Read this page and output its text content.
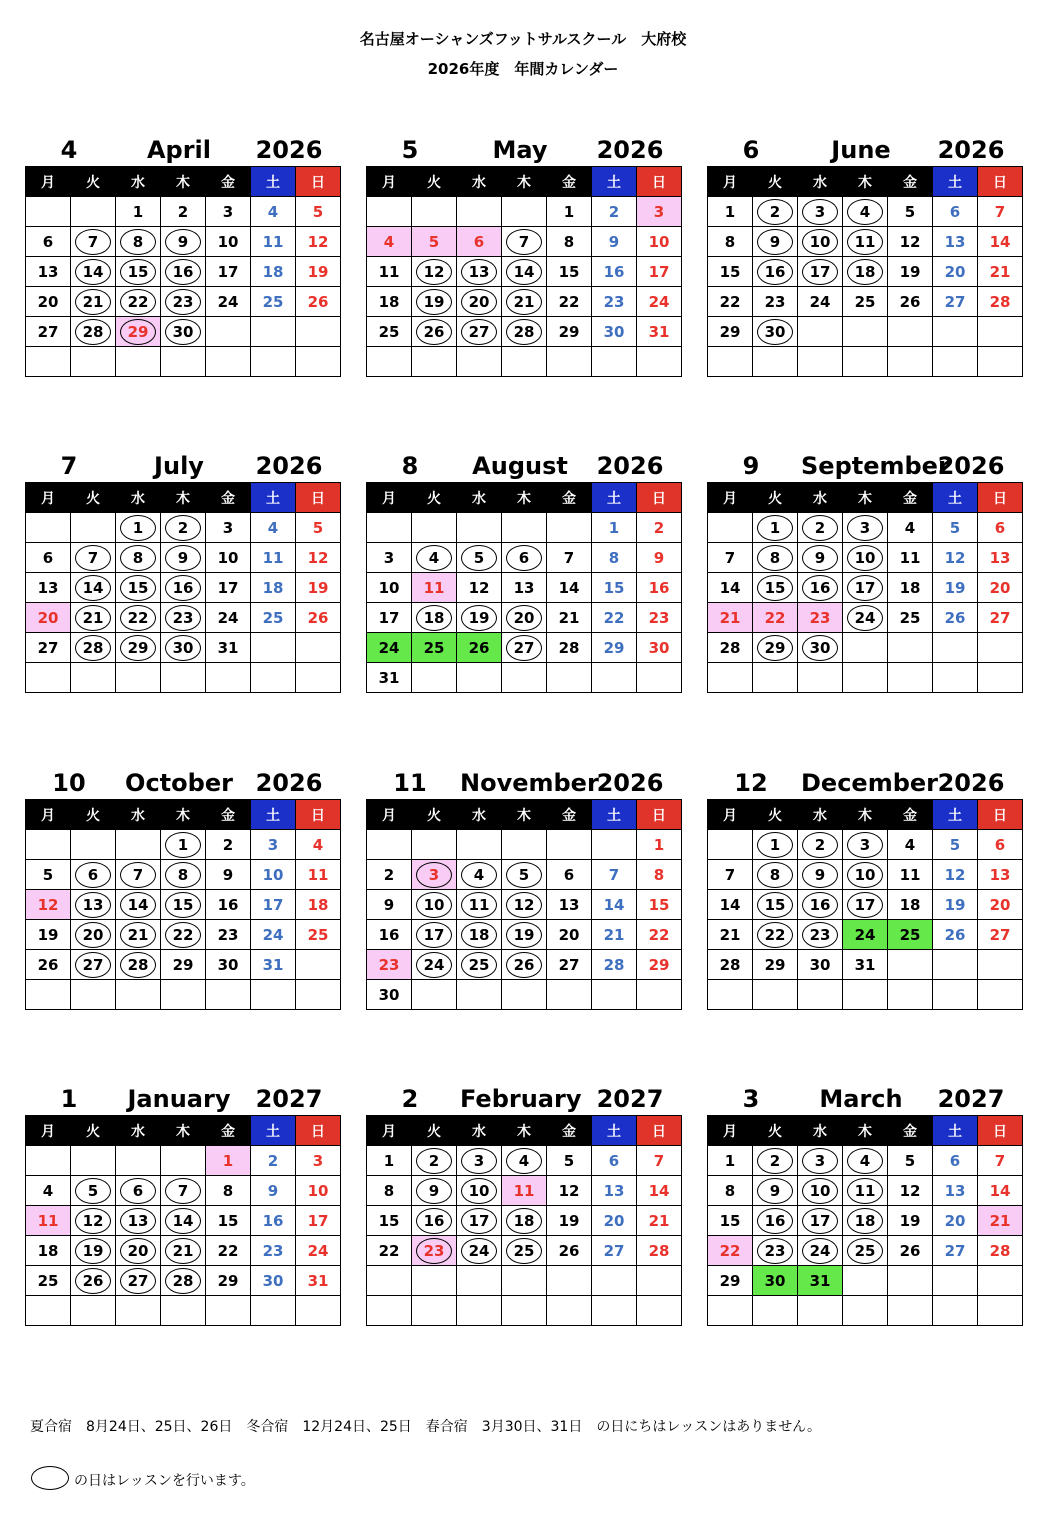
名古屋オーシャンズフットサルスクール　大府校
2026年度　年間カレンダー
4	April	2026
月	火	水	木	金	土	日
		1	2	3	4	5
6	7	8	9	10	11	12
13	14	15	16	17	18	19
20	21	22	23	24	25	26
27	28	29	30			

5	May	2026
月	火	水	木	金	土	日
				1	2	3
4	5	6	7	8	9	10
11	12	13	14	15	16	17
18	19	20	21	22	23	24
25	26	27	28	29	30	31

6	June	2026
月	火	水	木	金	土	日
1	2	3	4	5	6	7
8	9	10	11	12	13	14
15	16	17	18	19	20	21
22	23	24	25	26	27	28
29	30					

7	July	2026
月	火	水	木	金	土	日
		1	2	3	4	5
6	7	8	9	10	11	12
13	14	15	16	17	18	19
20	21	22	23	24	25	26
27	28	29	30	31		

8	August	2026
月	火	水	木	金	土	日
					1	2
3	4	5	6	7	8	9
10	11	12	13	14	15	16
17	18	19	20	21	22	23
24	25	26	27	28	29	30
31						
9	September
2026
月	火	水	木	金	土	日
	1	2	3	4	5	6
7	8	9	10	11	12	13
14	15	16	17	18	19	20
21	22	23	24	25	26	27
28	29	30				

10	October 2026
月	火	水	木	金	土	日
			1	2	3	4
5	6	7	8	9	10	11
12	13	14	15	16	17	18
19	20	21	22	23	24	25
26	27	28	29	30	31	

11	November
2026
月	火	水	木	金	土	日
						1
2	3	4	5	6	7	8
9	10	11	12	13	14	15
16	17	18	19	20	21	22
23	24	25	26	27	28	29
30						
12	December 2026
月	火	水	木	金	土	日
	1	2	3	4	5	6
7	8	9	10	11	12	13
14	15	16	17	18	19	20
21	22	23	24	25	26	27
28	29	30	31			

1	January	2027
月	火	水	木	金	土	日
				1	2	3
4	5	6	7	8	9	10
11	12	13	14	15	16	17
18	19	20	21	22	23	24
25	26	27	28	29	30	31

2	February 2027
月	火	水	木	金	土	日
1	2	3	4	5	6	7
8	9	10	11	12	13	14
15	16	17	18	19	20	21
22	23	24	25	26	27	28

3	March	2027
月	火	水	木	金	土	日
1	2	3	4	5	6	7
8	9	10	11	12	13	14
15	16	17	18	19	20	21
22	23	24	25	26	27	28
29	30	31				

夏合宿　8月24日、25日、26日　冬合宿　12月24日、25日　春合宿　3月30日、31日　の日にちはレッスンはありません。
の日はレッスンを行います。
